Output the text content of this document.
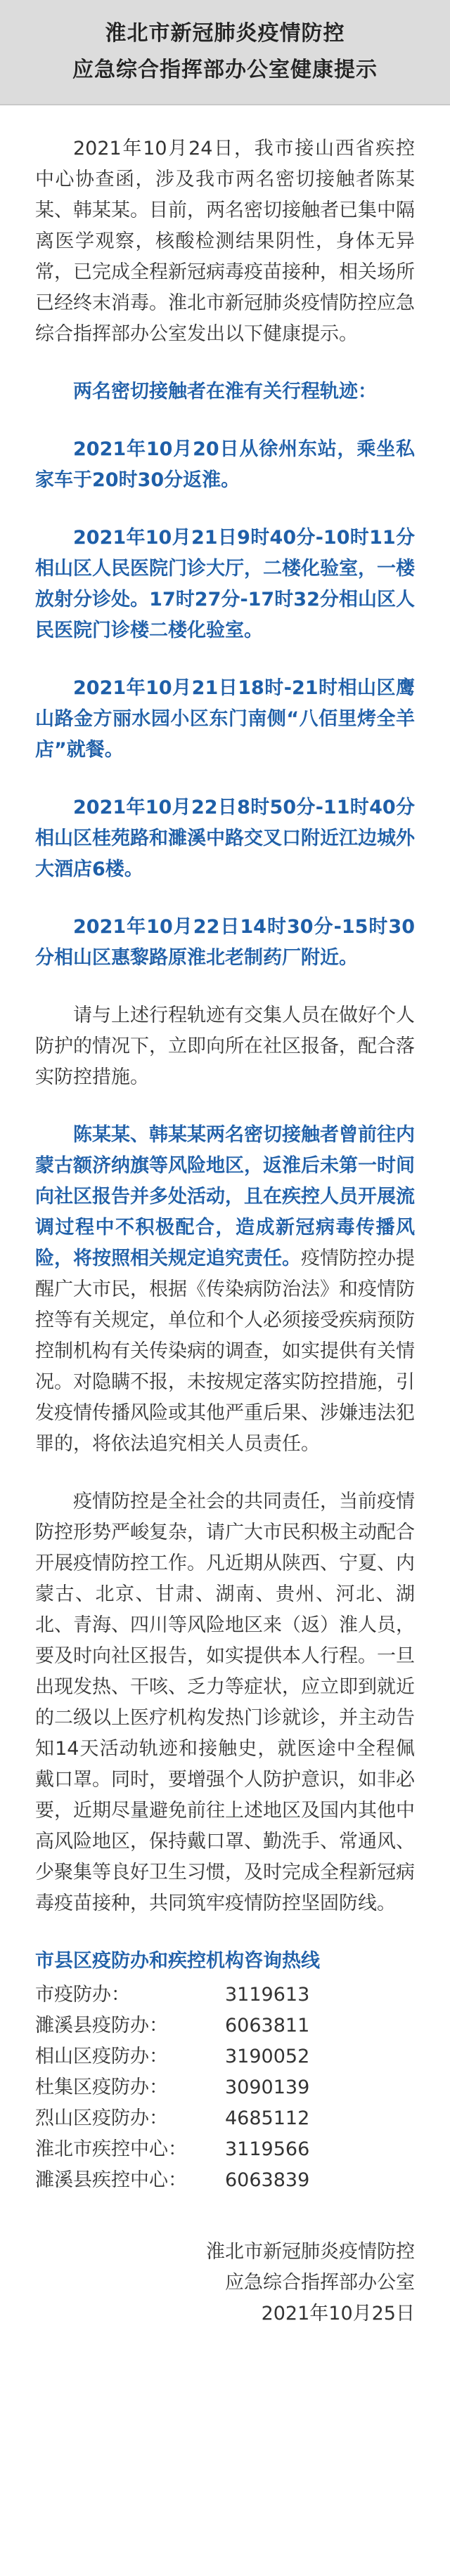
淮北市新冠肺炎疫情防控
应急综合指挥部办公室健康提示

2021年10月24日，我市接山西省疾控中心协查函，涉及我市两名密切接触者陈某某、韩某某。目前，两名密切接触者已集中隔离医学观察，核酸检测结果阴性，身体无异常，已完成全程新冠病毒疫苗接种，相关场所已经终末消毒。淮北市新冠肺炎疫情防控应急综合指挥部办公室发出以下健康提示。

两名密切接触者在淮有关行程轨迹：

2021年10月20日从徐州东站，乘坐私家车于20时30分返淮。

2021年10月21日9时40分-10时11分相山区人民医院门诊大厅，二楼化验室，一楼放射分诊处。17时27分-17时32分相山区人民医院门诊楼二楼化验室。

2021年10月21日18时-21时相山区鹰山路金方丽水园小区东门南侧“八佰里烤全羊店”就餐。

2021年10月22日8时50分-11时40分相山区桂苑路和濉溪中路交叉口附近江边城外大酒店6楼。

2021年10月22日14时30分-15时30分相山区惠黎路原淮北老制药厂附近。

请与上述行程轨迹有交集人员在做好个人防护的情况下，立即向所在社区报备，配合落实防控措施。

陈某某、韩某某两名密切接触者曾前往内蒙古额济纳旗等风险地区，返淮后未第一时间向社区报告并多处活动，且在疾控人员开展流调过程中不积极配合，造成新冠病毒传播风险，将按照相关规定追究责任。疫情防控办提醒广大市民，根据《传染病防治法》和疫情防控等有关规定，单位和个人必须接受疾病预防控制机构有关传染病的调查，如实提供有关情况。对隐瞒不报，未按规定落实防控措施，引发疫情传播风险或其他严重后果、涉嫌违法犯罪的，将依法追究相关人员责任。

疫情防控是全社会的共同责任，当前疫情防控形势严峻复杂，请广大市民积极主动配合开展疫情防控工作。凡近期从陕西、宁夏、内蒙古、北京、甘肃、湖南、贵州、河北、湖北、青海、四川等风险地区来（返）淮人员，要及时向社区报告，如实提供本人行程。一旦出现发热、干咳、乏力等症状，应立即到就近的二级以上医疗机构发热门诊就诊，并主动告知14天活动轨迹和接触史，就医途中全程佩戴口罩。同时，要增强个人防护意识，如非必要，近期尽量避免前往上述地区及国内其他中高风险地区，保持戴口罩、勤洗手、常通风、少聚集等良好卫生习惯，及时完成全程新冠病毒疫苗接种，共同筑牢疫情防控坚固防线。

市县区疫防办和疾控机构咨询热线
市疫防办：	3119613
濉溪县疫防办：	6063811
相山区疫防办：	3190052
杜集区疫防办：	3090139
烈山区疫防办：	4685112
淮北市疾控中心：	3119566
濉溪县疾控中心：	6063839
淮北市新冠肺炎疫情防控
应急综合指挥部办公室
2021年10月25日
